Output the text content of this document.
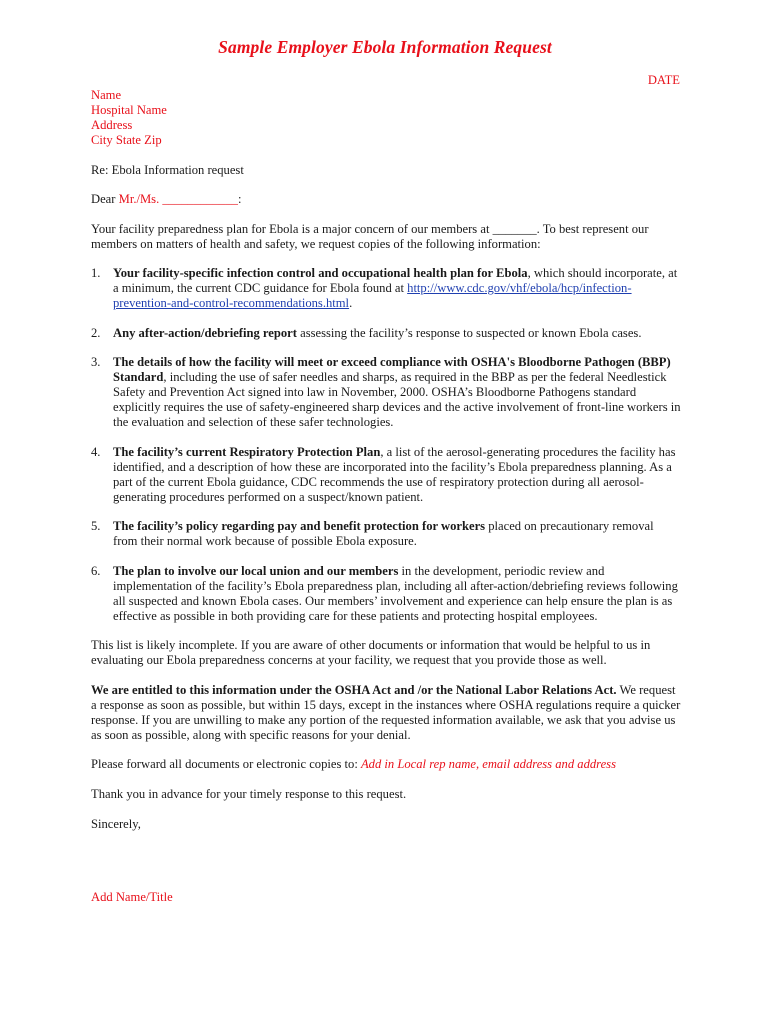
Sample Employer Ebola Information Request
DATE
Name
Hospital Name
Address
City State Zip
Re: Ebola Information request
Dear Mr./Ms. ____________:
Your facility preparedness plan for Ebola is a major concern of our members at _______. To best represent our members on matters of health and safety, we request copies of the following information:
1. Your facility-specific infection control and occupational health plan for Ebola, which should incorporate, at a minimum, the current CDC guidance for Ebola found at http://www.cdc.gov/vhf/ebola/hcp/infection-prevention-and-control-recommendations.html.
2. Any after-action/debriefing report assessing the facility’s response to suspected or known Ebola cases.
3. The details of how the facility will meet or exceed compliance with OSHA's Bloodborne Pathogen (BBP) Standard, including the use of safer needles and sharps, as required in the BBP as per the federal Needlestick Safety and Prevention Act signed into law in November, 2000. OSHA’s Bloodborne Pathogens standard explicitly requires the use of safety-engineered sharp devices and the active involvement of front-line workers in the evaluation and selection of these safer technologies.
4. The facility’s current Respiratory Protection Plan, a list of the aerosol-generating procedures the facility has identified, and a description of how these are incorporated into the facility’s Ebola preparedness planning. As a part of the current Ebola guidance, CDC recommends the use of respiratory protection during all aerosol-generating procedures performed on a suspect/known patient.
5. The facility’s policy regarding pay and benefit protection for workers placed on precautionary removal from their normal work because of possible Ebola exposure.
6. The plan to involve our local union and our members in the development, periodic review and implementation of the facility’s Ebola preparedness plan, including all after-action/debriefing reviews following all suspected and known Ebola cases. Our members’ involvement and experience can help ensure the plan is as effective as possible in both providing care for these patients and protecting hospital employees.
This list is likely incomplete. If you are aware of other documents or information that would be helpful to us in evaluating our Ebola preparedness concerns at your facility, we request that you provide those as well.
We are entitled to this information under the OSHA Act and /or the National Labor Relations Act. We request a response as soon as possible, but within 15 days, except in the instances where OSHA regulations require a quicker response. If you are unwilling to make any portion of the requested information available, we ask that you advise us as soon as possible, along with specific reasons for your denial.
Please forward all documents or electronic copies to: Add in Local rep name, email address and address
Thank you in advance for your timely response to this request.
Sincerely,
Add Name/Title
